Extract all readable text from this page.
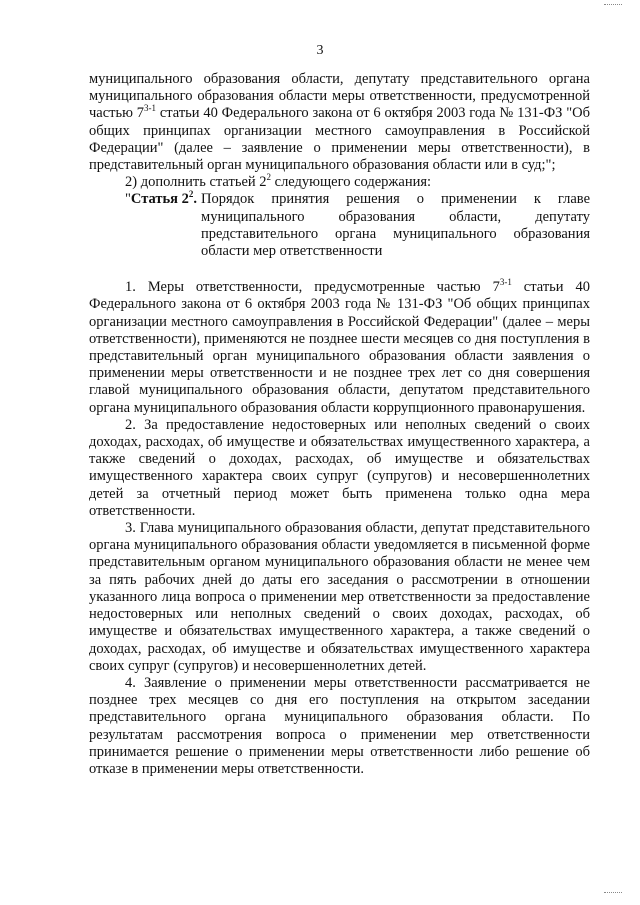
3

муниципального образования области, депутату представительного органа муниципального образования области меры ответственности, предусмотренной частью 7$^{3-1}$ статьи 40 Федерального закона от 6 октября 2003 года № 131-ФЗ "Об общих принципах организации местного самоуправления в Российской Федерации" (далее – заявление о применении меры ответственности), в представительный орган муниципального образования области или в суд;";

2) дополнить статьей $2^2$ следующего содержания:

"Статья $2^2$. Порядок принятия решения о применении к главе муниципального образования области, депутату представительного органа муниципального образования области мер ответственности

1. Меры ответственности, предусмотренные частью 7$^{3-1}$ статьи 40 Федерального закона от 6 октября 2003 года № 131-ФЗ "Об общих принципах организации местного самоуправления в Российской Федерации" (далее – меры ответственности), применяются не позднее шести месяцев со дня поступления в представительный орган муниципального образования области заявления о применении меры ответственности и не позднее трех лет со дня совершения главой муниципального образования области, депутатом представительного органа муниципального образования области коррупционного правонарушения.

2. За предоставление недостоверных или неполных сведений о своих доходах, расходах, об имуществе и обязательствах имущественного характера, а также сведений о доходах, расходах, об имуществе и обязательствах имущественного характера своих супруг (супругов) и несовершеннолетних детей за отчетный период может быть применена только одна мера ответственности.

3. Глава муниципального образования области, депутат представительного органа муниципального образования области уведомляется в письменной форме представительным органом муниципального образования области не менее чем за пять рабочих дней до даты его заседания о рассмотрении в отношении указанного лица вопроса о применении мер ответственности за предоставление недостоверных или неполных сведений о своих доходах, расходах, об имуществе и обязательствах имущественного характера, а также сведений о доходах, расходах, об имуществе и обязательствах имущественного характера своих супруг (супругов) и несовершеннолетних детей.

4. Заявление о применении меры ответственности рассматривается не позднее трех месяцев со дня его поступления на открытом заседании представительного органа муниципального образования области. По результатам рассмотрения вопроса о применении мер ответственности принимается решение о применении меры ответственности либо решение об отказе в применении меры ответственности.
